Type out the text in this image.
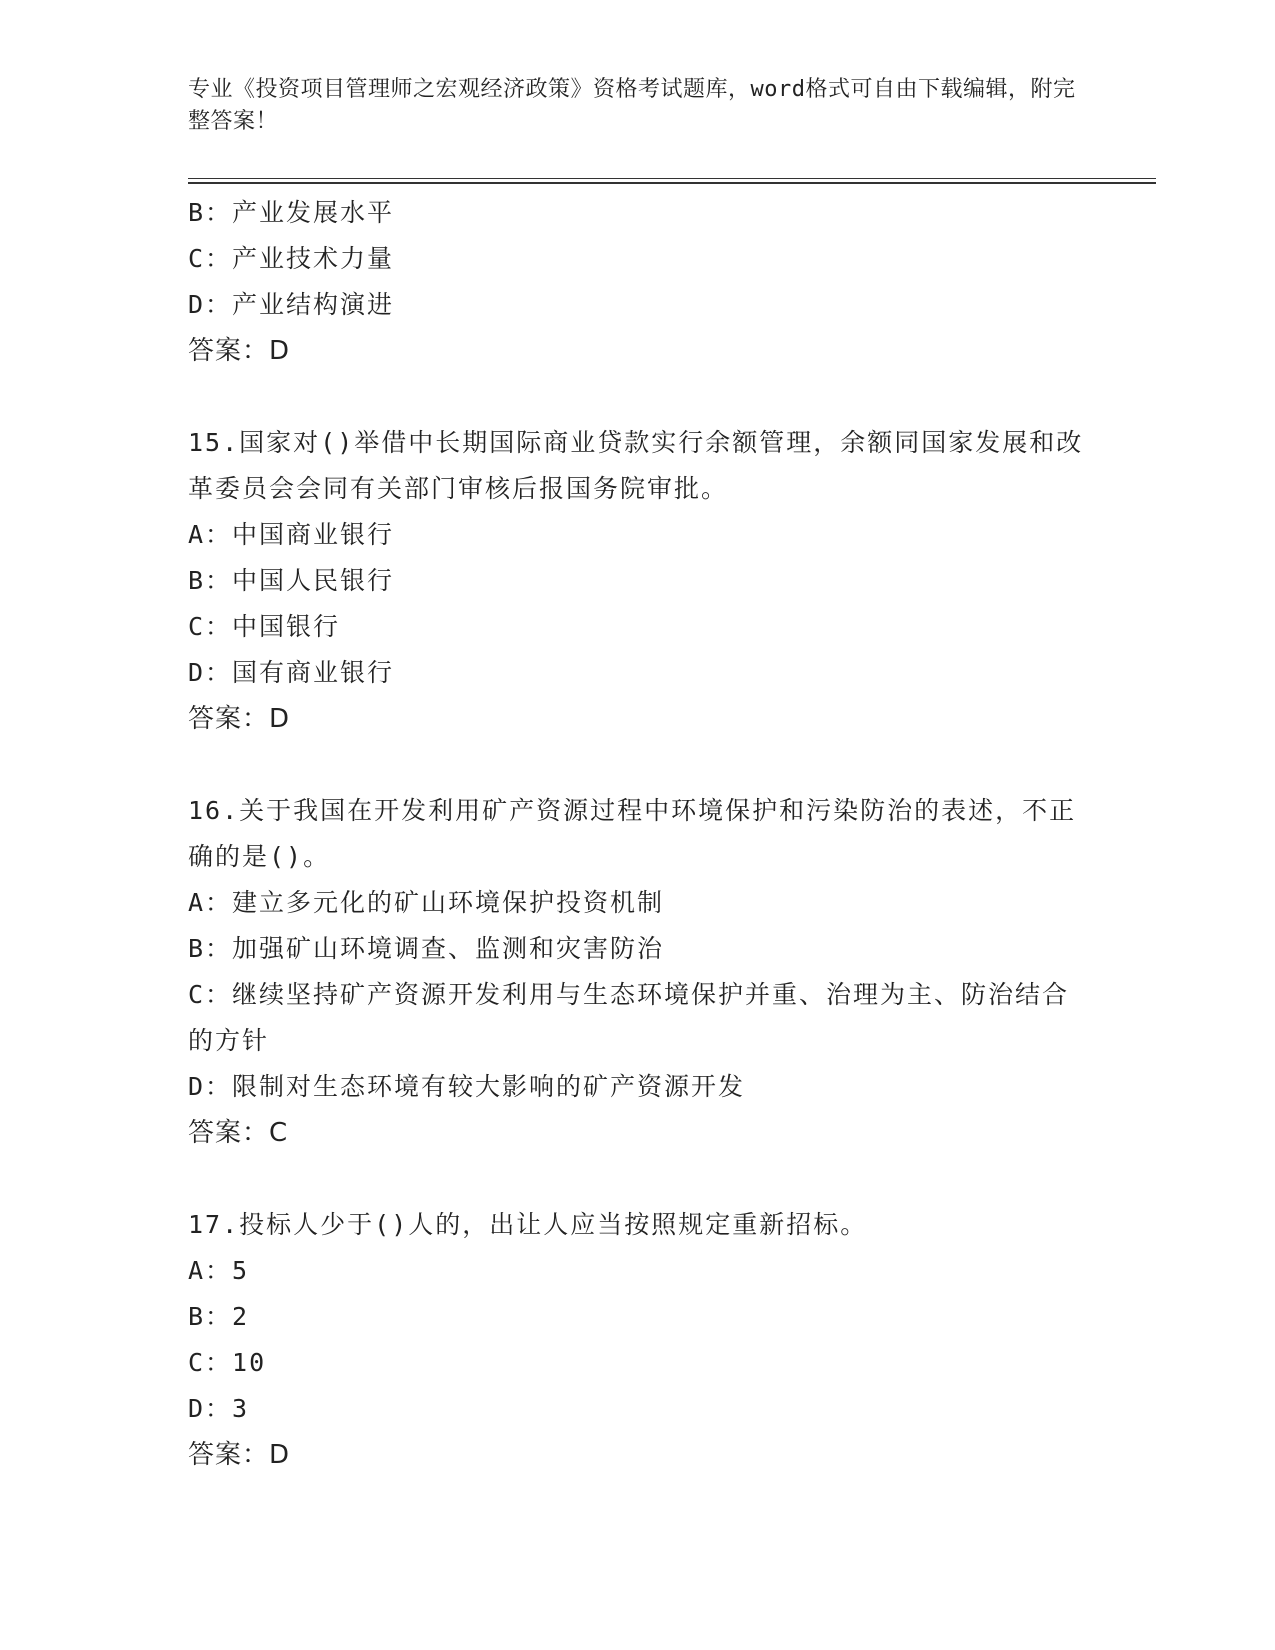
专业《投资项目管理师之宏观经济政策》资格考试题库，word格式可自由下载编辑，附完整答案！
B：产业发展水平
C：产业技术力量
D：产业结构演进
答案：D
15.国家对()举借中长期国际商业贷款实行余额管理，余额同国家发展和改革委员会会同有关部门审核后报国务院审批。
A：中国商业银行
B：中国人民银行
C：中国银行
D：国有商业银行
答案：D
16.关于我国在开发利用矿产资源过程中环境保护和污染防治的表述，不正确的是()。
A：建立多元化的矿山环境保护投资机制
B：加强矿山环境调查、监测和灾害防治
C：继续坚持矿产资源开发利用与生态环境保护并重、治理为主、防治结合的方针
D：限制对生态环境有较大影响的矿产资源开发
答案：C
17.投标人少于()人的，出让人应当按照规定重新招标。
A：5
B：2
C：10
D：3
答案：D
